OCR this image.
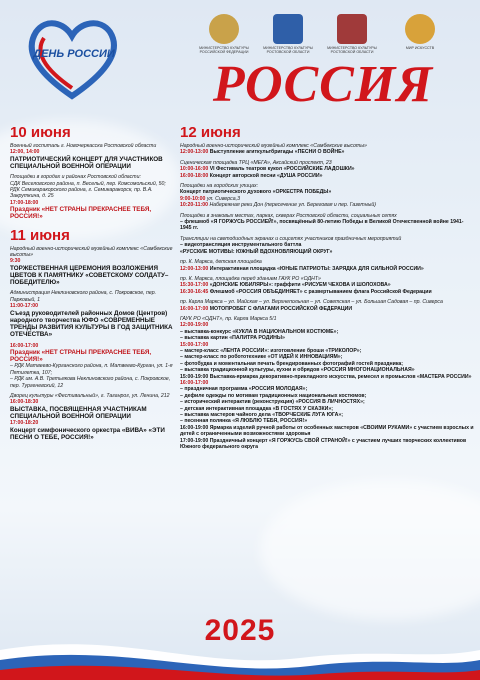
ДЕНЬ РОССИИ	МИНИСТЕРСТВО КУЛЬТУРЫ РОССИЙСКОЙ ФЕДЕРАЦИИ
МИНИСТЕРСТВО КУЛЬТУРЫ РОСТОВСКОЙ ОБЛАСТИ
МИНИСТЕРСТВО КУЛЬТУРЫ РОСТОВСКОЙ ОБЛАСТИ
МИР ИСКУССТВ
РОССИЯ
10 июня
Военный госпиталь г. Новочеркасска Ростовской области
12:00, 14:00
ПАТРИОТИЧЕСКИЙ КОНЦЕРТ ДЛЯ УЧАСТНИКОВ СПЕЦИАЛЬНОЙ ВОЕННОЙ ОПЕРАЦИИ
Площадки в городах и районах Ростовской области:
СДК Веселовского района, п. Веселый, пер. Комсомольский, 50;
РДК Семикаракорского района, г. Семикаракорск, пр. В.А. Закруткина, д. 25
17:00-18:00
Праздник «НЕТ СТРАНЫ ПРЕКРАСНЕЕ ТЕБЯ, РОССИЯ!»
11 июня
Народный военно-исторический музейный комплекс «Самбекские высоты»
9:30
ТОРЖЕСТВЕННАЯ ЦЕРЕМОНИЯ ВОЗЛОЖЕНИЯ ЦВЕТОВ К ПАМЯТНИКУ «СОВЕТСКОМУ СОЛДАТУ–ПОБЕДИТЕЛЮ»
Администрация Неклиновского района, с. Покровское, пер. Парковый, 1
11:00-17:00
Съезд руководителей районных Домов (Центров) народного творчества ЮФО «СОВРЕМЕННЫЕ ТРЕНДЫ РАЗВИТИЯ КУЛЬТУРЫ В ГОД ЗАЩИТНИКА ОТЕЧЕСТВА»
16:00-17:00
Праздник «НЕТ СТРАНЫ ПРЕКРАСНЕЕ ТЕБЯ, РОССИЯ!»
– РДК Матвеево-Курганского района, п. Матвеево-Курган, ул. 1-я Пятилетка, 107;
– РДК им. А.В. Третьякова Неклиновского района, с. Покровское, пер. Тургеневский, 12
Дворец культуры «Фестивальный», г. Таганрог, ул. Ленина, 212
16:00-18:30
ВЫСТАВКА, ПОСВЯЩЕННАЯ УЧАСТНИКАМ СПЕЦИАЛЬНОЙ ВОЕННОЙ ОПЕРАЦИИ
17:00-18:20
Концерт симфонического оркестра «ВИВА» «ЭТИ ПЕСНИ О ТЕБЕ, РОССИЯ!»
12 июня
Народный военно-исторический музейный комплекс «Самбекские высоты»
12:00-13:00 Выступление агиткультбригады «ПЕСНИ О ВОЙНЕ»
Сценическая площадка ТРЦ «МЕГА», Аксайский проспект, 23
10:00-16:00 VI Фестиваль театров кукол «РОССИЙСКИЕ ЛАДОШКИ»
16:00-18:00 Концерт авторской песни «ДУША РОССИИ»
Площадки на городских улицах:
Концерт патриотического духового «ОРКЕСТРА ПОБЕДЫ»
9:00-10:00 ул. Сиверса,3
10:20-11:00 Набережная реки Дон (пересечение ул. Береговая и пер. Газетный)
Площадки в знаковых местах, парках, скверах Ростовской области, социальных сетях
– флешмоб «Я ГОРЖУСЬ РОССИЕЙ!», посвящённый 80-летию Победы в Великой Отечественной войне 1941-1945 гг.
Трансляции на светодиодных экранах и соцсетях участников праздничных мероприятий
– видеотрансляция инструментального баттла
«РУССКИЕ МОТИВЫ: ЮЖНЫЙ ВДОХНОВЛЯЮЩИЙ ОКРУГ»
пр. К. Маркса, детская площадка
12:00-13:00 Интерактивная площадка «ЮНЫЕ ПАТРИОТЫ: ЗАРЯДКА ДЛЯ СИЛЬНОЙ РОССИИ»
пр. К. Маркса, площадка перед зданием ГАУК РО «ОДНТ»
15:30-17:00 «ДОНСКИЕ ЮБИЛЯРЫ»: граффити «РИСУЕМ ЧЕХОВА И ШОЛОХОВА»
16:30-16:45 Флешмоб «РОССИЯ ОБЪЕДИНЯЕТ» с развертыванием флага Российской Федерации
пр. Карла Маркса – ул. Майская – ул. Верхнепольная – ул. Советская – ул. Большая Садовая – пр. Сиверса
16:00-17:00 МОТОПРОБЕГ С ФЛАГАМИ РОССИЙСКОЙ ФЕДЕРАЦИИ
ГАУК РО «ОДНТ», пр. Карла Маркса 5/1
12:00-19:00
– выставка-конкурс «КУКЛА В НАЦИОНАЛЬНОМ КОСТЮМЕ»;
– выставка картин «ПАЛИТРА РОДИНЫ»
15:00-17:00
– мастер-класс «ЛЕНТА РОССИИ»: изготовление броши «ТРИКОЛОР»;
– мастер-класс по робототехнике «ОТ ИДЕЙ К ИННОВАЦИЯМ»;
– фотобудка и моментальная печать брендированных фотографий гостей праздника;
– выставка традиционной культуры, кухни и обрядов «РОССИЯ МНОГОНАЦИОНАЛЬНАЯ»
15:00-19:00 Выставка-ярмарка декоративно-прикладного искусства, ремесел и промыслов «МАСТЕРА РОССИИ»
16:00-17:00
– праздничная программа «РОССИЯ МОЛОДАЯ»;
– дефиле одежды по мотивам традиционных национальных костюмов;
– исторический интерактив (реконструкция) «РОССИЯ В ЛИЧНОСТЯХ»;
– детская интерактивная площадка «В ГОСТЯХ У СКАЗКИ»;
– выставка мастеров чайного дела «ТВОРЧЕСКИЕ ЛУГА ЮГА»;
– песенная полянка «Я ЛЮБЛЮ ТЕБЯ, РОССИЯ!»
16:00-19:00 Ярмарка изделий ручной работы от особенных мастеров «СВОИМИ РУКАМИ» с участием взрослых и детей с ограниченными возможностями здоровья
17:00-19:00 Праздничный концерт «Я ГОРЖУСЬ СВОЙ СТРАНОЙ!» с участием лучших творческих коллективов Южного федерального округа
2025
